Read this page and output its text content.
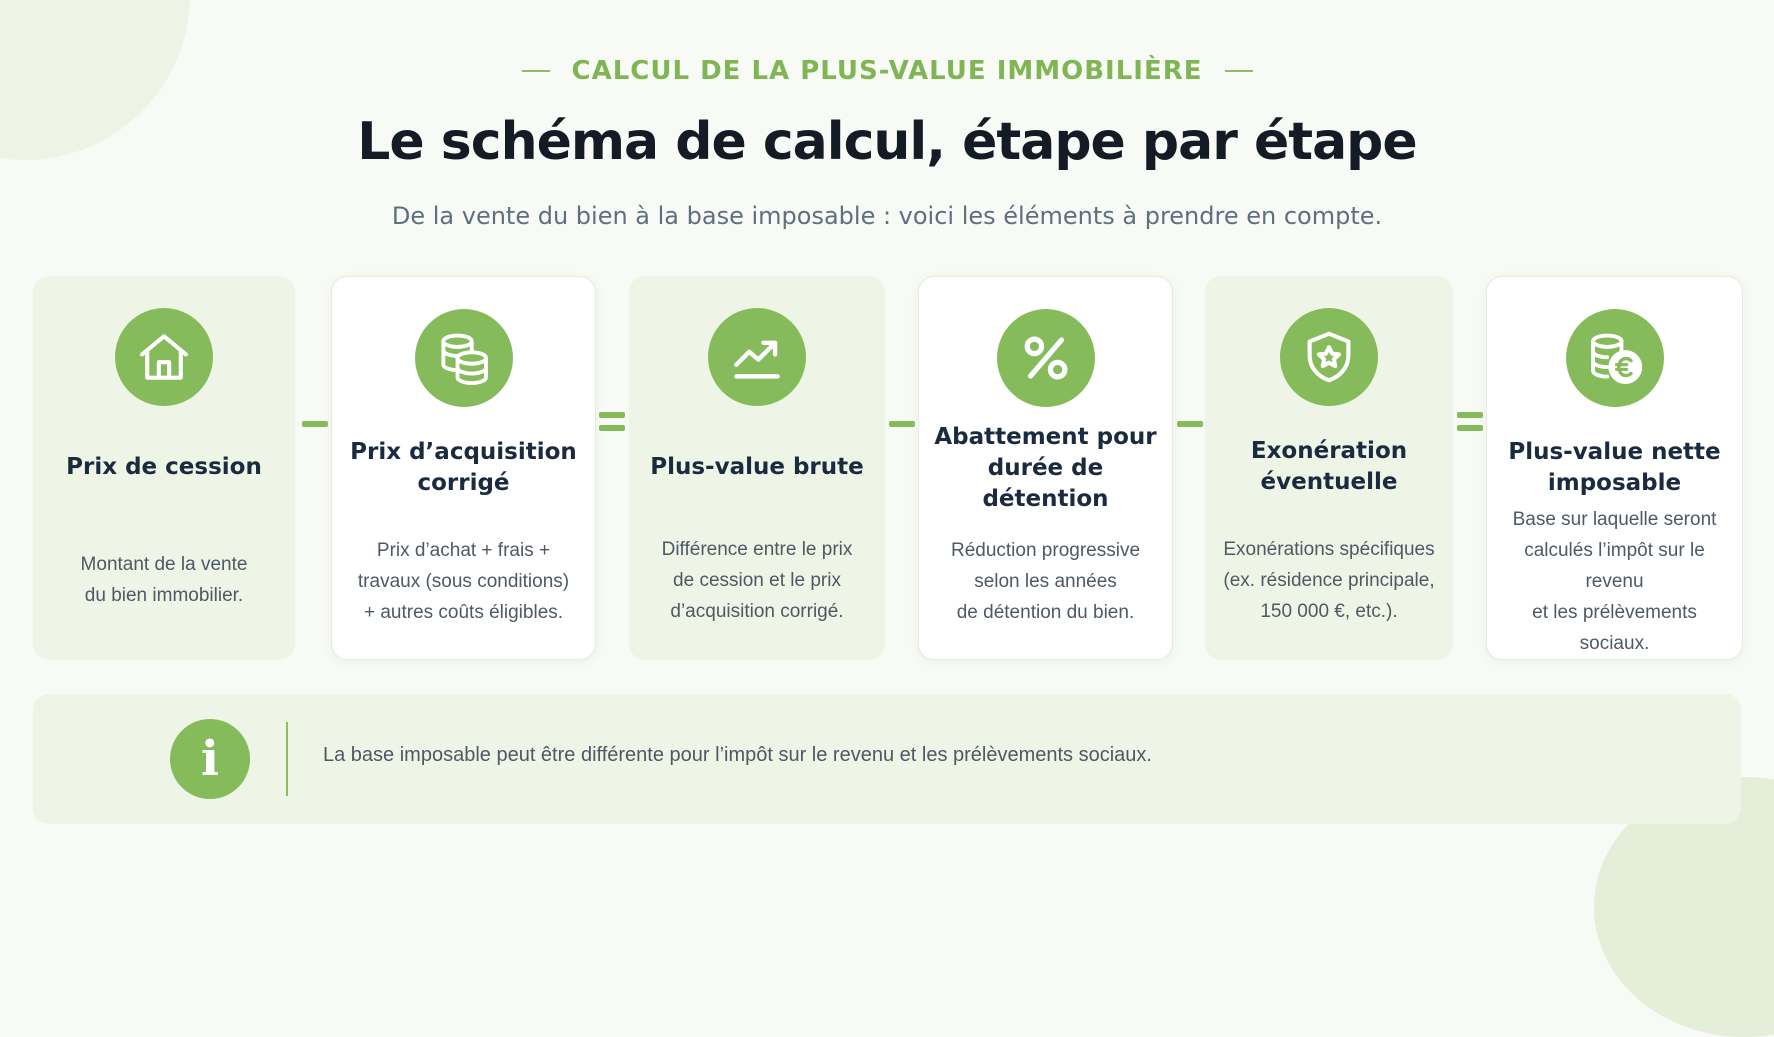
CALCUL DE LA PLUS-VALUE IMMOBILIÈRE
Le schéma de calcul, étape par étape
De la vente du bien à la base imposable : voici les éléments à prendre en compte.
Prix de cession
Montant de la vente
du bien immobilier.
Prix d’acquisition corrigé
Prix d’achat + frais +
travaux (sous conditions)
+ autres coûts éligibles.
Plus-value brute
Différence entre le prix
de cession et le prix
d’acquisition corrigé.
Abattement pour durée de détention
Réduction progressive
selon les années
de détention du bien.
Exonération éventuelle
Exonérations spécifiques
(ex. résidence principale,
150 000 €, etc.).
Plus-value nette imposable
Base sur laquelle seront
calculés l’impôt sur le revenu
et les prélèvements sociaux.
i	La base imposable peut être différente pour l’impôt sur le revenu et les prélèvements sociaux.
